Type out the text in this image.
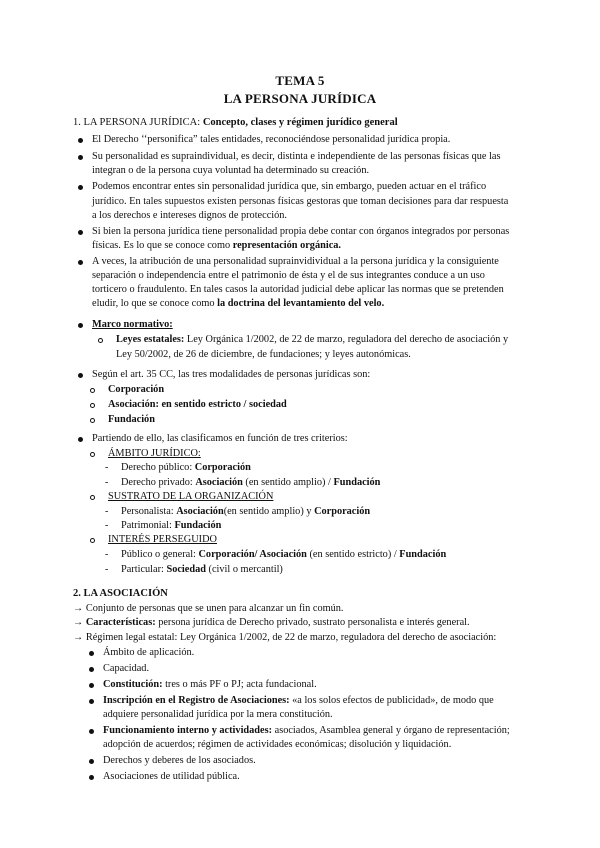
TEMA 5
LA PERSONA JURÍDICA
1. LA PERSONA JURÍDICA: Concepto, clases y régimen jurídico general
El Derecho ‘‘personifica” tales entidades, reconociéndose personalidad jurídica propia.
Su personalidad es supraindividual, es decir, distinta e independiente de las personas físicas que las
integran o de la persona cuya voluntad ha determinado su creación.
Podemos encontrar entes sin personalidad jurídica que, sin embargo, pueden actuar en el tráfico
jurídico. En tales supuestos existen personas físicas gestoras que toman decisiones para dar respuesta
a los derechos e intereses dignos de protección.
Si bien la persona jurídica tiene personalidad propia debe contar con órganos integrados por personas
físicas. Es lo que se conoce como representación orgánica.
A veces, la atribución de una personalidad suprainvidividual a la persona jurídica y la consiguiente
separación o independencia entre el patrimonio de ésta y el de sus integrantes conduce a un uso
torticero o fraudulento. En tales casos la autoridad judicial debe aplicar las normas que se pretenden
eludir, lo que se conoce como la doctrina del levantamiento del velo.
Marco normativo:
Leyes estatales: Ley Orgánica 1/2002, de 22 de marzo, reguladora del derecho de asociación y
Ley 50/2002, de 26 de diciembre, de fundaciones; y leyes autonómicas.
Según el art. 35 CC, las tres modalidades de personas jurídicas son:
Corporación
Asociación: en sentido estricto / sociedad
Fundación
Partiendo de ello, las clasificamos en función de tres criterios:
ÁMBITO JURÍDICO:
- Derecho público: Corporación
- Derecho privado: Asociación (en sentido amplio) / Fundación
SUSTRATO DE LA ORGANIZACIÓN
- Personalista: Asociación(en sentido amplio) y Corporación
- Patrimonial: Fundación
INTERÉS PERSEGUIDO
- Público o general: Corporación/ Asociación (en sentido estricto) / Fundación
- Particular: Sociedad (civil o mercantil)
2. LA ASOCIACIÓN
→ Conjunto de personas que se unen para alcanzar un fin común.
→ Características: persona jurídica de Derecho privado, sustrato personalista e interés general.
→ Régimen legal estatal: Ley Orgánica 1/2002, de 22 de marzo, reguladora del derecho de asociación:
Ámbito de aplicación.
Capacidad.
Constitución: tres o más PF o PJ; acta fundacional.
Inscripción en el Registro de Asociaciones: «a los solos efectos de publicidad», de modo que
adquiere personalidad jurídica por la mera constitución.
Funcionamiento interno y actividades: asociados, Asamblea general y órgano de representación;
adopción de acuerdos; régimen de actividades económicas; disolución y liquidación.
Derechos y deberes de los asociados.
Asociaciones de utilidad pública.
